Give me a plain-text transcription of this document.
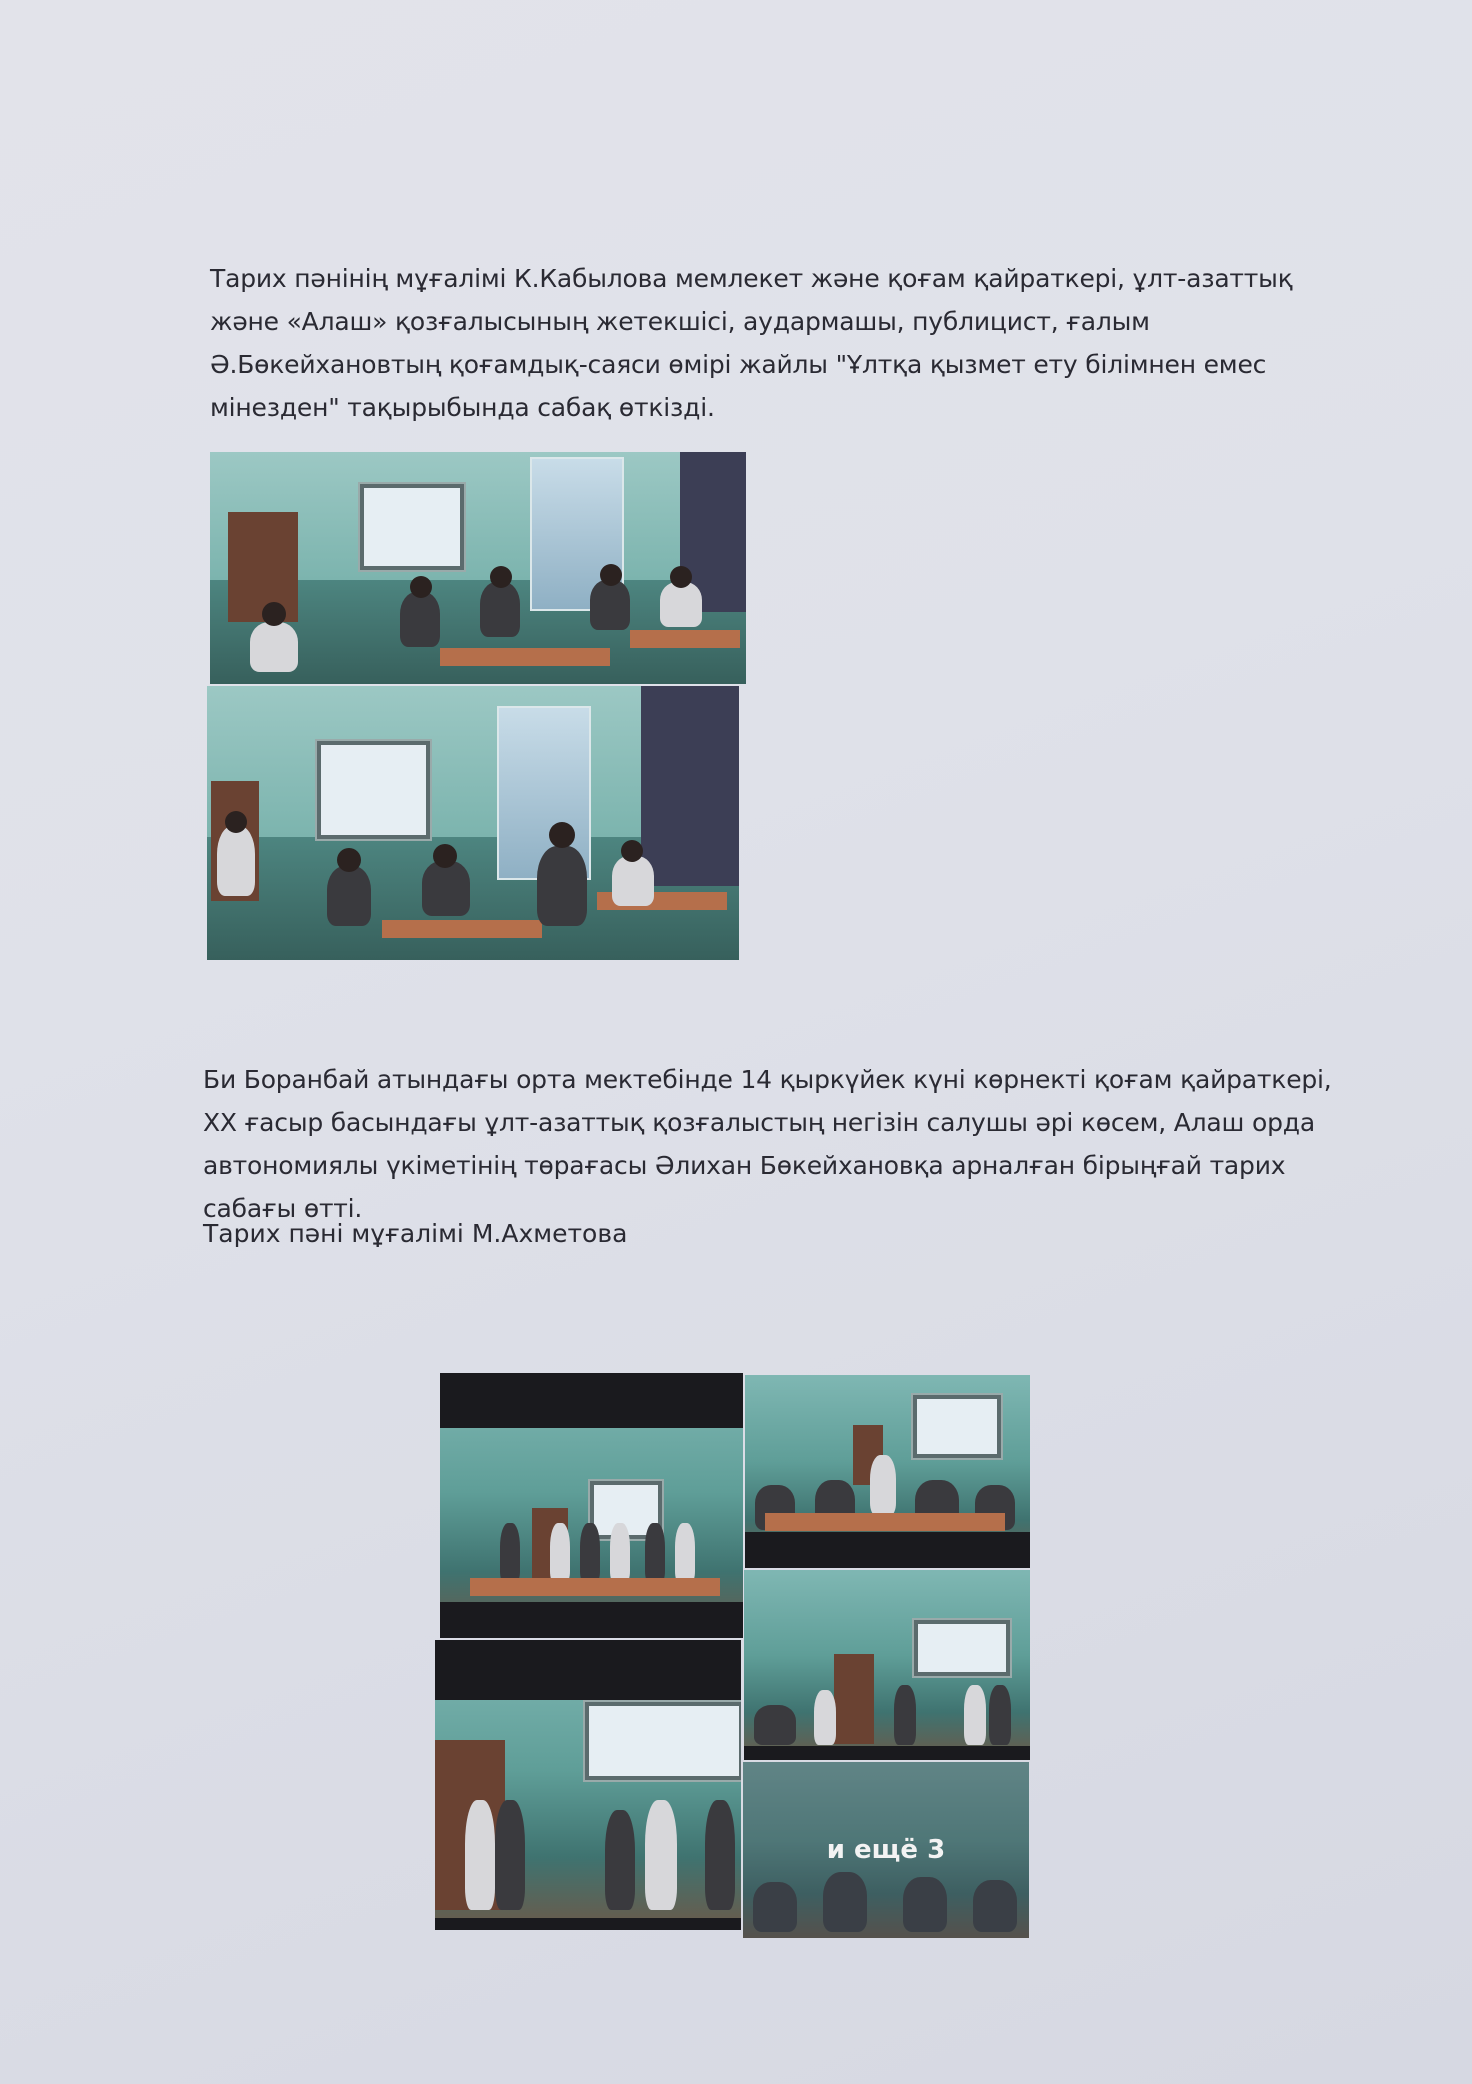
Тарих пәнінің мұғалімі К.Кабылова мемлекет және қоғам қайраткері, ұлт-азаттық және «Алаш» қозғалысының жетекшісі, аудармашы, публицист, ғалым Ә.Бөкейхановтың қоғамдық-саяси өмірі жайлы "Ұлтқа қызмет ету білімнен емес мінезден" тақырыбында сабақ өткізді.

Би Боранбай атындағы орта мектебінде 14 қыркүйек күні көрнекті қоғам қайраткері, ХХ ғасыр басындағы ұлт-азаттық қозғалыстың негізін салушы әрі көсем, Алаш орда автономиялы үкіметінің төрағасы Әлихан Бөкейхановқа арналған бірыңғай тарих сабағы өтті.

Тарих пәні мұғалімі М.Ахметова

и ещё 3
